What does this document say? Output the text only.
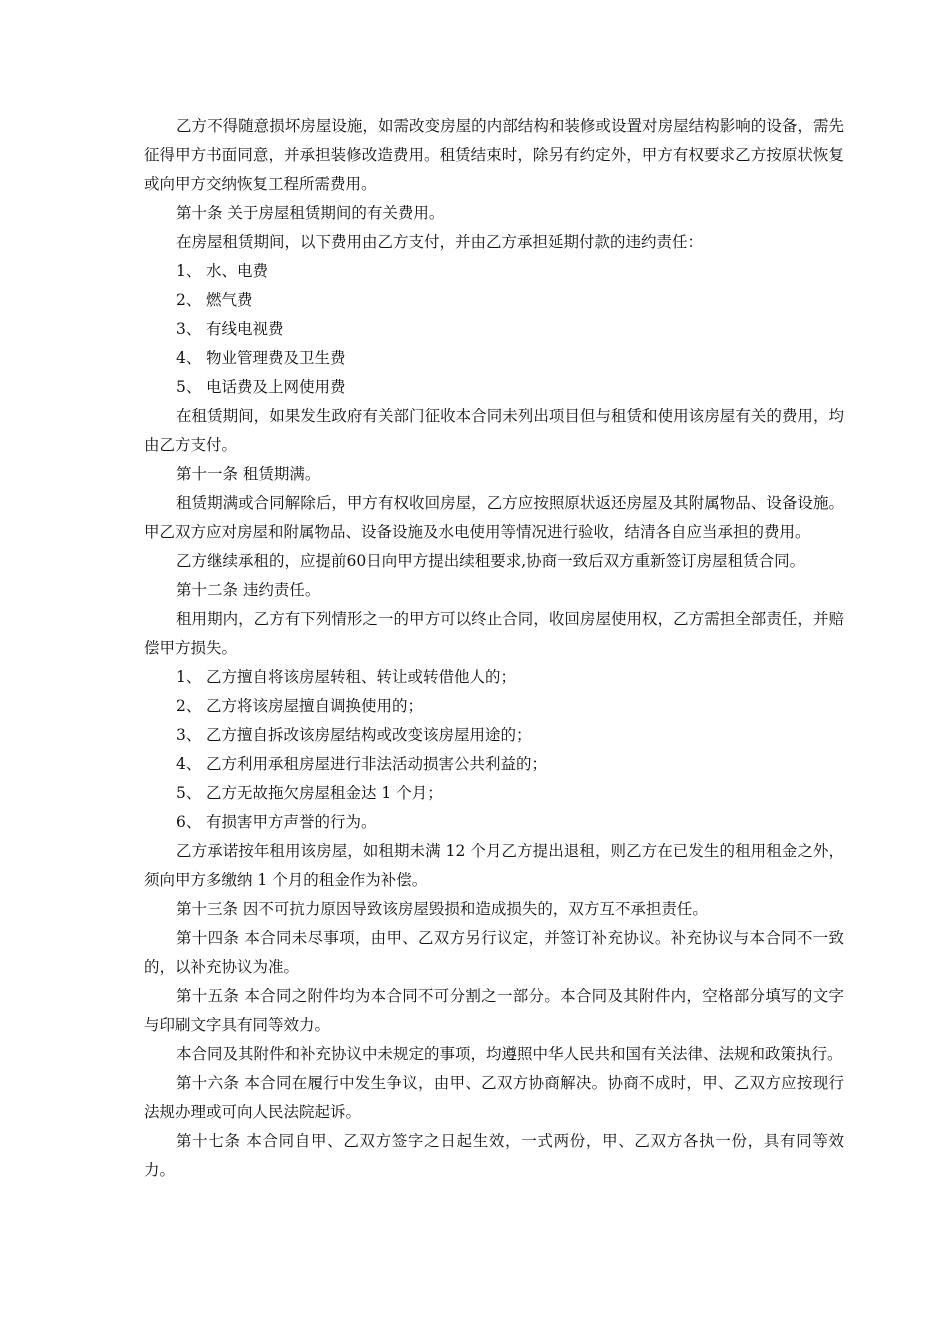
乙方不得随意损坏房屋设施，如需改变房屋的内部结构和装修或设置对房屋结构影响的设备，需先征得甲方书面同意，并承担装修改造费用。租赁结束时，除另有约定外，甲方有权要求乙方按原状恢复或向甲方交纳恢复工程所需费用。

第十条 关于房屋租赁期间的有关费用。

在房屋租赁期间，以下费用由乙方支付，并由乙方承担延期付款的违约责任：

1、 水、电费

2、 燃气费

3、 有线电视费

4、 物业管理费及卫生费

5、 电话费及上网使用费

在租赁期间，如果发生政府有关部门征收本合同未列出项目但与租赁和使用该房屋有关的费用，均由乙方支付。

第十一条 租赁期满。

租赁期满或合同解除后，甲方有权收回房屋，乙方应按照原状返还房屋及其附属物品、设备设施。甲乙双方应对房屋和附属物品、设备设施及水电使用等情况进行验收，结清各自应当承担的费用。

乙方继续承租的，应提前60日向甲方提出续租要求,协商一致后双方重新签订房屋租赁合同。

第十二条 违约责任。

租用期内，乙方有下列情形之一的甲方可以终止合同，收回房屋使用权，乙方需担全部责任，并赔偿甲方损失。

1、 乙方擅自将该房屋转租、转让或转借他人的；

2、 乙方将该房屋擅自调换使用的；

3、 乙方擅自拆改该房屋结构或改变该房屋用途的；

4、 乙方利用承租房屋进行非法活动损害公共利益的；

5、 乙方无故拖欠房屋租金达 1 个月；

6、 有损害甲方声誉的行为。

乙方承诺按年租用该房屋，如租期未满 12 个月乙方提出退租，则乙方在已发生的租用租金之外，须向甲方多缴纳 1 个月的租金作为补偿。

第十三条 因不可抗力原因导致该房屋毁损和造成损失的，双方互不承担责任。

第十四条 本合同未尽事项，由甲、乙双方另行议定，并签订补充协议。补充协议与本合同不一致的，以补充协议为准。

第十五条 本合同之附件均为本合同不可分割之一部分。本合同及其附件内，空格部分填写的文字与印刷文字具有同等效力。

本合同及其附件和补充协议中未规定的事项，均遵照中华人民共和国有关法律、法规和政策执行。

第十六条 本合同在履行中发生争议，由甲、乙双方协商解决。协商不成时，甲、乙双方应按现行法规办理或可向人民法院起诉。

第十七条 本合同自甲、乙双方签字之日起生效，一式两份，甲、乙双方各执一份，具有同等效力。
